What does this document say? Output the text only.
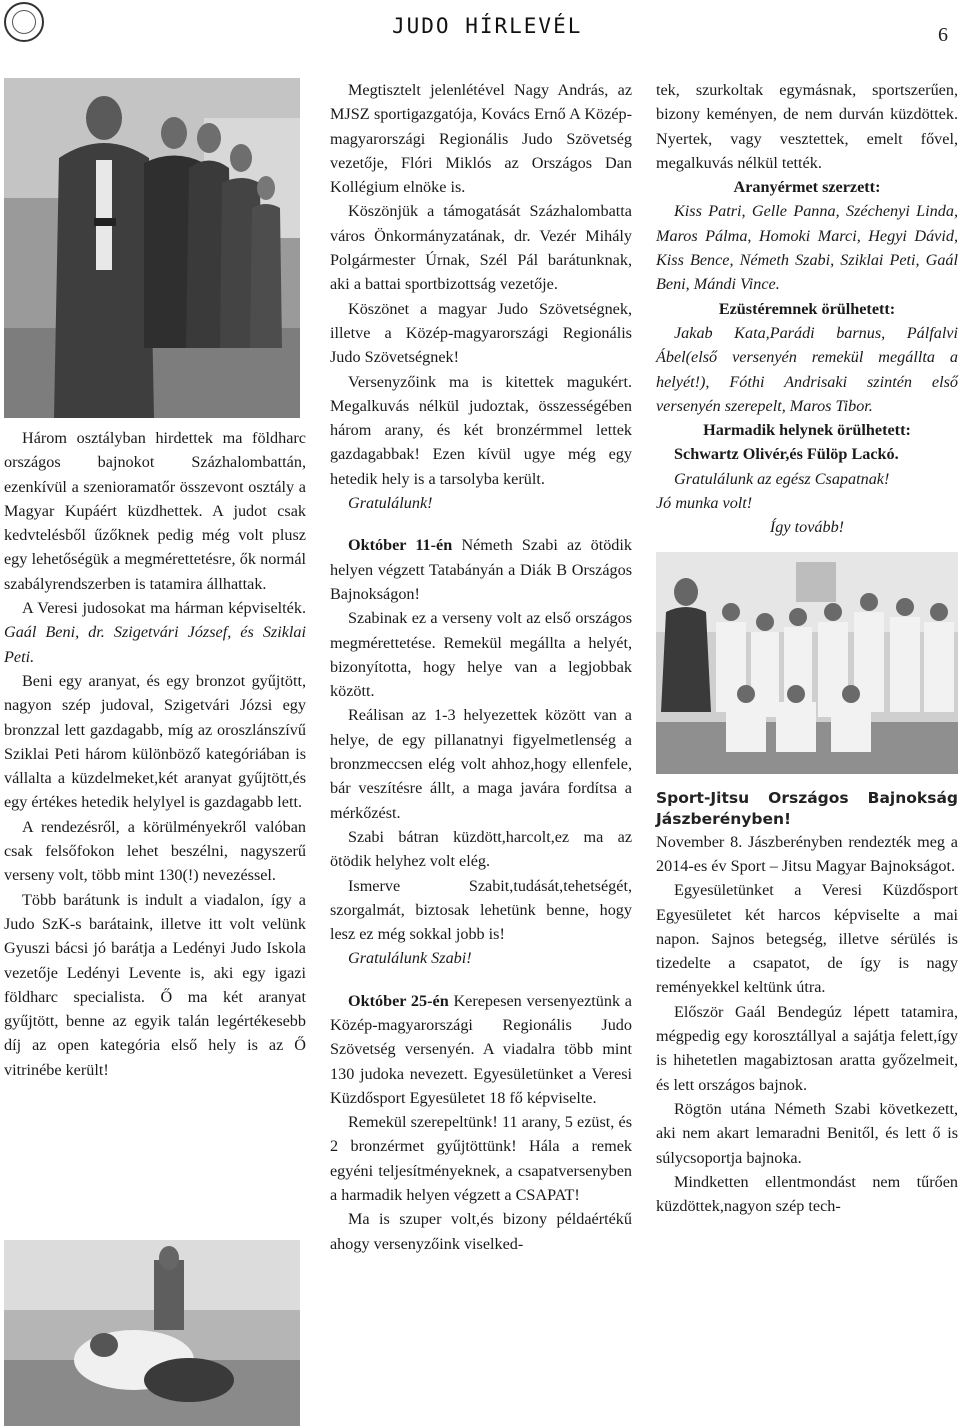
JUDO HÍRLEVÉL	6

Három osztályban hirdettek ma földharc országos bajnokot Százhalombattán, ezenkívül a szenioramatőr összevont osztály a Magyar Kupáért küzdhettek. A judot csak kedvtelésből űzőknek pedig még volt plusz egy lehetőségük a megmérettetésre, ők normál szabályrendszerben is tatamira állhattak.

A Veresi judosokat ma hárman képviselték. Gaál Beni, dr. Szigetvári József, és Sziklai Peti.

Beni egy aranyat, és egy bronzot gyűjtött, nagyon szép judoval, Szigetvári Józsi egy bronzzal lett gazdagabb, míg az oroszlánszívű Sziklai Peti három különböző kategóriában is vállalta a küzdelmeket,két aranyat gyűjtött,és egy értékes hetedik helylyel is gazdagabb lett.

A rendezésről, a körülményekről valóban csak felsőfokon lehet beszélni, nagyszerű verseny volt, több mint 130(!) nevezéssel.

Több barátunk is indult a viadalon, így a Judo SzK-s barátaink, illetve itt volt velünk Gyuszi bácsi jó barátja a Ledényi Judo Iskola vezetője Ledényi Levente is, aki egy igazi földharc specialista. Ő ma két aranyat gyűjtött, benne az egyik talán legértékesebb díj az open kategória első hely is az Ő vitrinébe került!

Megtisztelt jelenlétével Nagy András, az MJSZ sportigazgatója, Kovács Ernő A Közép-magyarországi Regionális Judo Szövetség vezetője, Flóri Miklós az Országos Dan Kollégium elnöke is.

Köszönjük a támogatását Százhalombatta város Önkormányzatának, dr. Vezér Mihály Polgármester Úrnak, Szél Pál barátunknak, aki a battai sportbizottság vezetője.

Köszönet a magyar Judo Szövetségnek, illetve a Közép-magyarországi Regionális Judo Szövetségnek!

Versenyzőink ma is kitettek magukért. Megalkuvás nélkül judoztak, összességében három arany, és két bronzérmmel lettek gazdagabbak! Ezen kívül ugye még egy hetedik hely is a tarsolyba került.

Gratulálunk!

Október 11-én Németh Szabi az ötödik helyen végzett Tatabányán a Diák B Országos Bajnokságon!

Szabinak ez a verseny volt az első országos megmérettetése. Remekül megállta a helyét, bizonyította, hogy helye van a legjobbak között.

Reálisan az 1-3 helyezettek között van a helye, de egy pillanatnyi figyelmetlenség a bronzmeccsen elég volt ahhoz,hogy ellenfele, bár veszítésre állt, a maga javára fordítsa a mérkőzést.

Szabi bátran küzdött,harcolt,ez ma az ötödik helyhez volt elég.

Ismerve Szabit,tudását,tehetségét, szorgalmát, biztosak lehetünk benne, hogy lesz ez még sokkal jobb is!

Gratulálunk Szabi!

Október 25-én Kerepesen versenyeztünk a Közép-magyarországi Regionális Judo Szövetség versenyén. A viadalra több mint 130 judoka nevezett. Egyesületünket a Veresi Küzdősport Egyesületet 18 fő képviselte.

Remekül szerepeltünk! 11 arany, 5 ezüst, és 2 bronzérmet gyűjtöttünk! Hála a remek egyéni teljesítményeknek, a csapatversenyben a harmadik helyen végzett a CSAPAT!

Ma is szuper volt,és bizony példaértékű ahogy versenyzőink viselked-

tek, szurkoltak egymásnak, sportszerűen, bizony keményen, de nem durván küzdöttek. Nyertek, vagy vesztettek, emelt fővel, megalkuvás nélkül tették.

Aranyérmet szerzett:

Kiss Patri, Gelle Panna, Széchenyi Linda, Maros Pálma, Homoki Marci, Hegyi Dávid, Kiss Bence, Németh Szabi, Sziklai Peti, Gaál Beni, Mándi Vince.

Ezüstéremnek örülhetett:

Jakab Kata,Parádi barnus, Pálfalvi Ábel(első versenyén remekül megállta a helyét!), Fóthi Andrisaki szintén első versenyén szerepelt, Maros Tibor.

Harmadik helynek örülhetett:

Schwartz Olivér,és Fülöp Lackó.

Gratulálunk az egész Csapatnak!

Jó munka volt!

Így tovább!

Sport-Jitsu Országos Bajnokság Jászberényben!

November 8. Jászberényben rendezték meg a 2014-es év Sport – Jitsu Magyar Bajnokságot.

Egyesületünket a Veresi Küzdősport Egyesületet két harcos képviselte a mai napon. Sajnos betegség, illetve sérülés is tizedelte a csapatot, de így is nagy reményekkel keltünk útra.

Először Gaál Bendegúz lépett tatamira, mégpedig egy korosztállyal a sajátja felett,így is hihetetlen magabiztosan aratta győzelmeit, és lett országos bajnok.

Rögtön utána Németh Szabi következett, aki nem akart lemaradni Benitől, és lett ő is súlycsoportja bajnoka.

Mindketten ellentmondást nem tűrően küzdöttek,nagyon szép tech-
